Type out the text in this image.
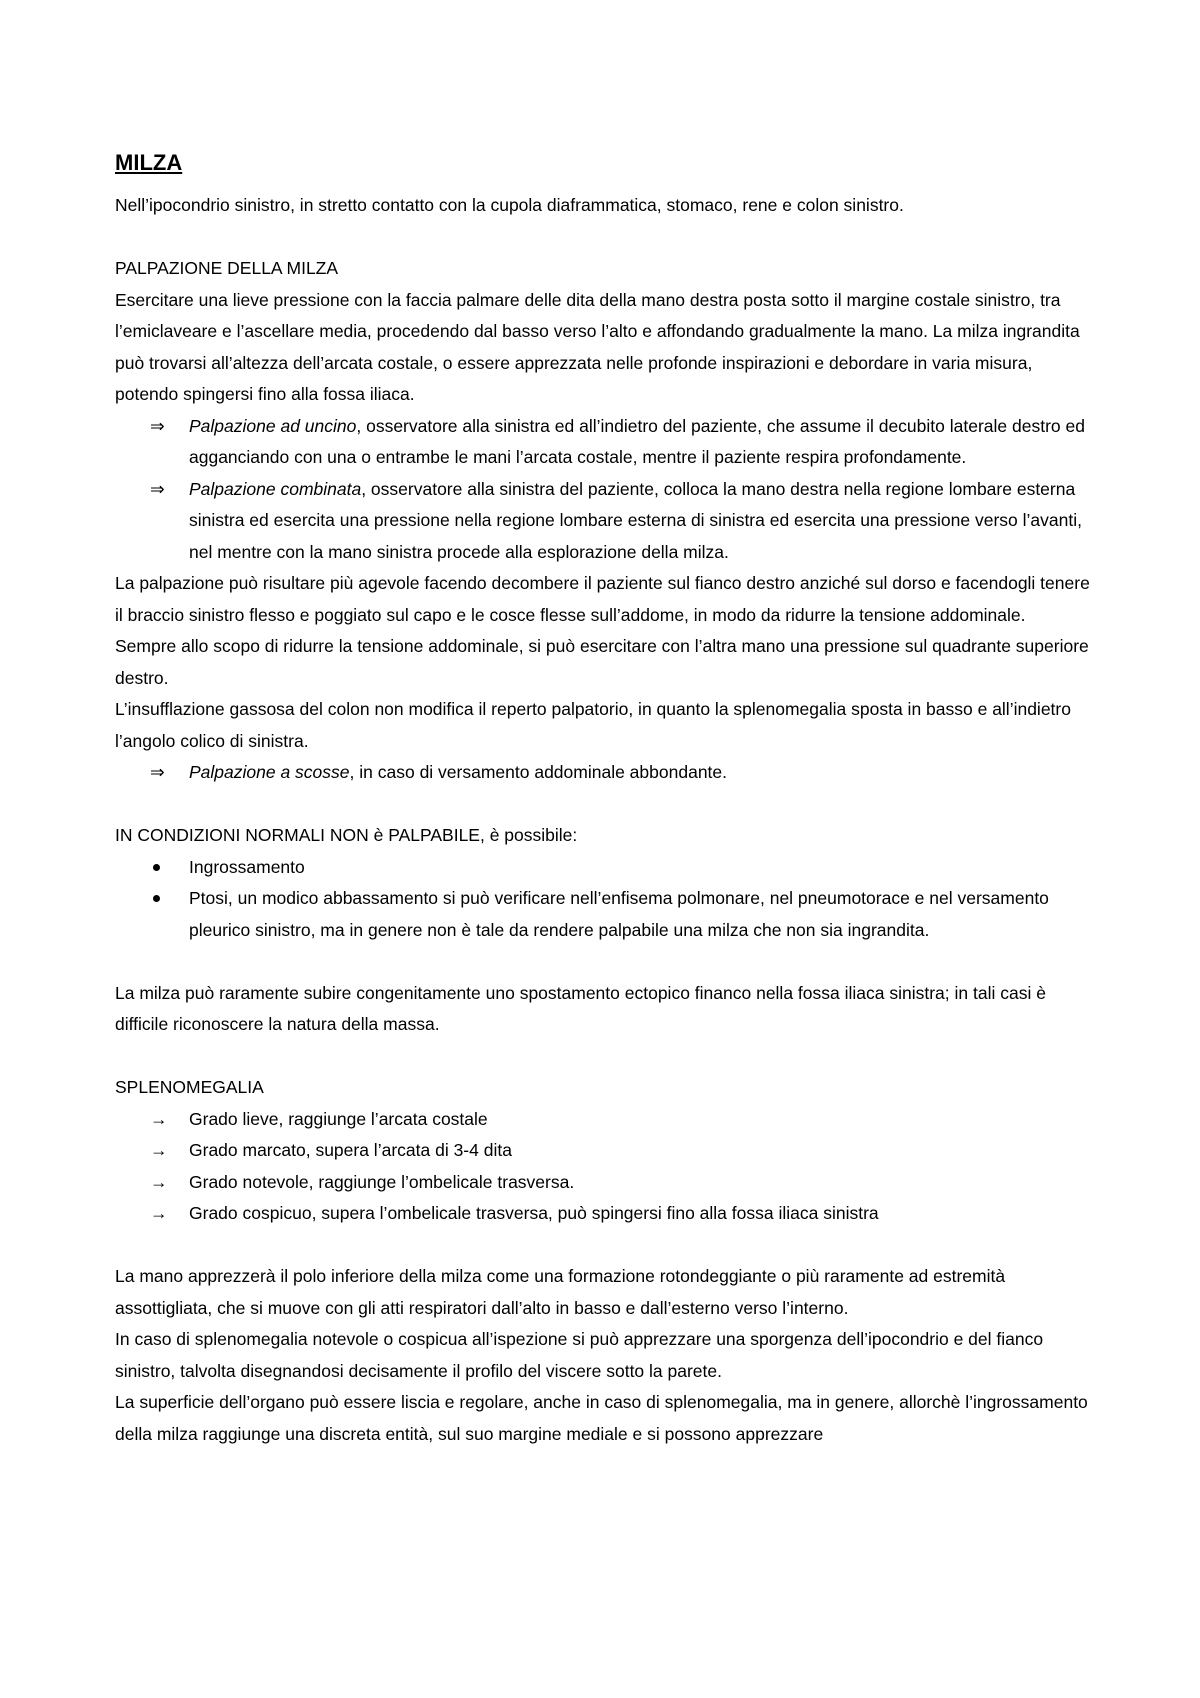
MILZA

Nell’ipocondrio sinistro, in stretto contatto con la cupola diaframmatica, stomaco, rene e colon sinistro.

PALPAZIONE DELLA MILZA

Esercitare una lieve pressione con la faccia palmare delle dita della mano destra posta sotto il margine costale sinistro, tra l’emiclaveare e l’ascellare media, procedendo dal basso verso l’alto e affondando gradualmente la mano. La milza ingrandita può trovarsi all’altezza dell’arcata costale, o essere apprezzata nelle profonde inspirazioni e debordare in varia misura, potendo spingersi fino alla fossa iliaca.

⇒ Palpazione ad uncino, osservatore alla sinistra ed all’indietro del paziente, che assume il decubito laterale destro ed agganciando con una o entrambe le mani l’arcata costale, mentre il paziente respira profondamente.
⇒ Palpazione combinata, osservatore alla sinistra del paziente, colloca la mano destra nella regione lombare esterna sinistra ed esercita una pressione nella regione lombare esterna di sinistra ed esercita una pressione verso l’avanti, nel mentre con la mano sinistra procede alla esplorazione della milza.

La palpazione può risultare più agevole facendo decombere il paziente sul fianco destro anziché sul dorso e facendogli tenere il braccio sinistro flesso e poggiato sul capo e le cosce flesse sull’addome, in modo da ridurre la tensione addominale. Sempre allo scopo di ridurre la tensione addominale, si può esercitare con l’altra mano una pressione sul quadrante superiore destro.

L’insufflazione gassosa del colon non modifica il reperto palpatorio, in quanto la splenomegalia sposta in basso e all’indietro l’angolo colico di sinistra.

⇒ Palpazione a scosse, in caso di versamento addominale abbondante.

IN CONDIZIONI NORMALI NON è PALPABILE, è possibile:

Ingrossamento
Ptosi, un modico abbassamento si può verificare nell’enfisema polmonare, nel pneumotorace e nel versamento pleurico sinistro, ma in genere non è tale da rendere palpabile una milza che non sia ingrandita.

La milza può raramente subire congenitamente uno spostamento ectopico financo nella fossa iliaca sinistra; in tali casi è difficile riconoscere la natura della massa.

SPLENOMEGALIA

→ Grado lieve, raggiunge l’arcata costale
→ Grado marcato, supera l’arcata di 3-4 dita
→ Grado notevole, raggiunge l’ombelicale trasversa.
→ Grado cospicuo, supera l’ombelicale trasversa, può spingersi fino alla fossa iliaca sinistra

La mano apprezzerà il polo inferiore della milza come una formazione rotondeggiante o più raramente ad estremità assottigliata, che si muove con gli atti respiratori dall’alto in basso e dall’esterno verso l’interno.

In caso di splenomegalia notevole o cospicua all’ispezione si può apprezzare una sporgenza dell’ipocondrio e del fianco sinistro, talvolta disegnandosi decisamente il profilo del viscere sotto la parete.

La superficie dell’organo può essere liscia e regolare, anche in caso di splenomegalia, ma in genere, allorchè l’ingrossamento della milza raggiunge una discreta entità, sul suo margine mediale e si possono apprezzare
